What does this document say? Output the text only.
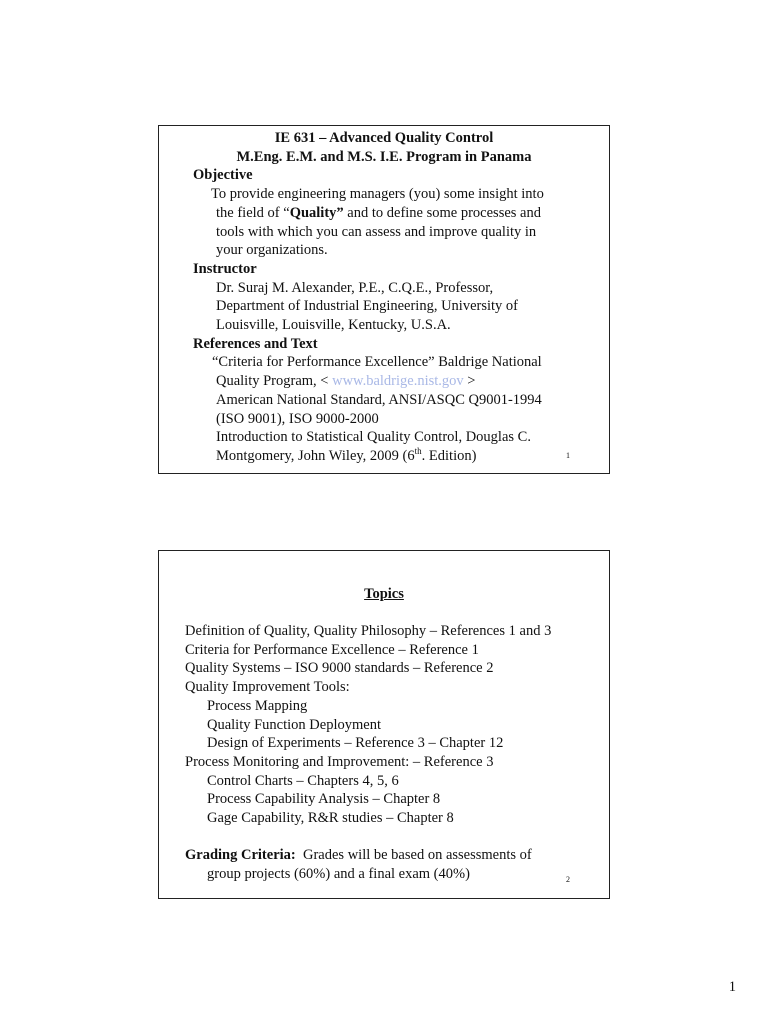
IE 631 – Advanced Quality Control
M.Eng. E.M. and M.S. I.E. Program in Panama
Objective
To provide engineering managers (you) some insight into
the field of “Quality” and to define some processes and
tools with which you can assess and improve quality in
your organizations.
Instructor
Dr. Suraj M. Alexander, P.E., C.Q.E., Professor,
Department of Industrial Engineering, University of
Louisville, Louisville, Kentucky, U.S.A.
References and Text
“Criteria for Performance Excellence” Baldrige National
Quality Program, < www.baldrige.nist.gov >
American National Standard, ANSI/ASQC Q9001-1994
(ISO 9001), ISO 9000-2000
Introduction to Statistical Quality Control, Douglas C.
Montgomery, John Wiley, 2009 (6th. Edition)	1
Topics
Definition of Quality, Quality Philosophy – References 1 and 3
Criteria for Performance Excellence – Reference 1
Quality Systems – ISO 9000 standards – Reference 2
Quality Improvement Tools:
Process Mapping
Quality Function Deployment
Design of Experiments – Reference 3 – Chapter 12
Process Monitoring and Improvement: – Reference 3
Control Charts – Chapters 4, 5, 6
Process Capability Analysis – Chapter 8
Gage Capability, R&R studies – Chapter 8
Grading Criteria:  Grades will be based on assessments of
group projects (60%) and a final exam (40%)	2
1
